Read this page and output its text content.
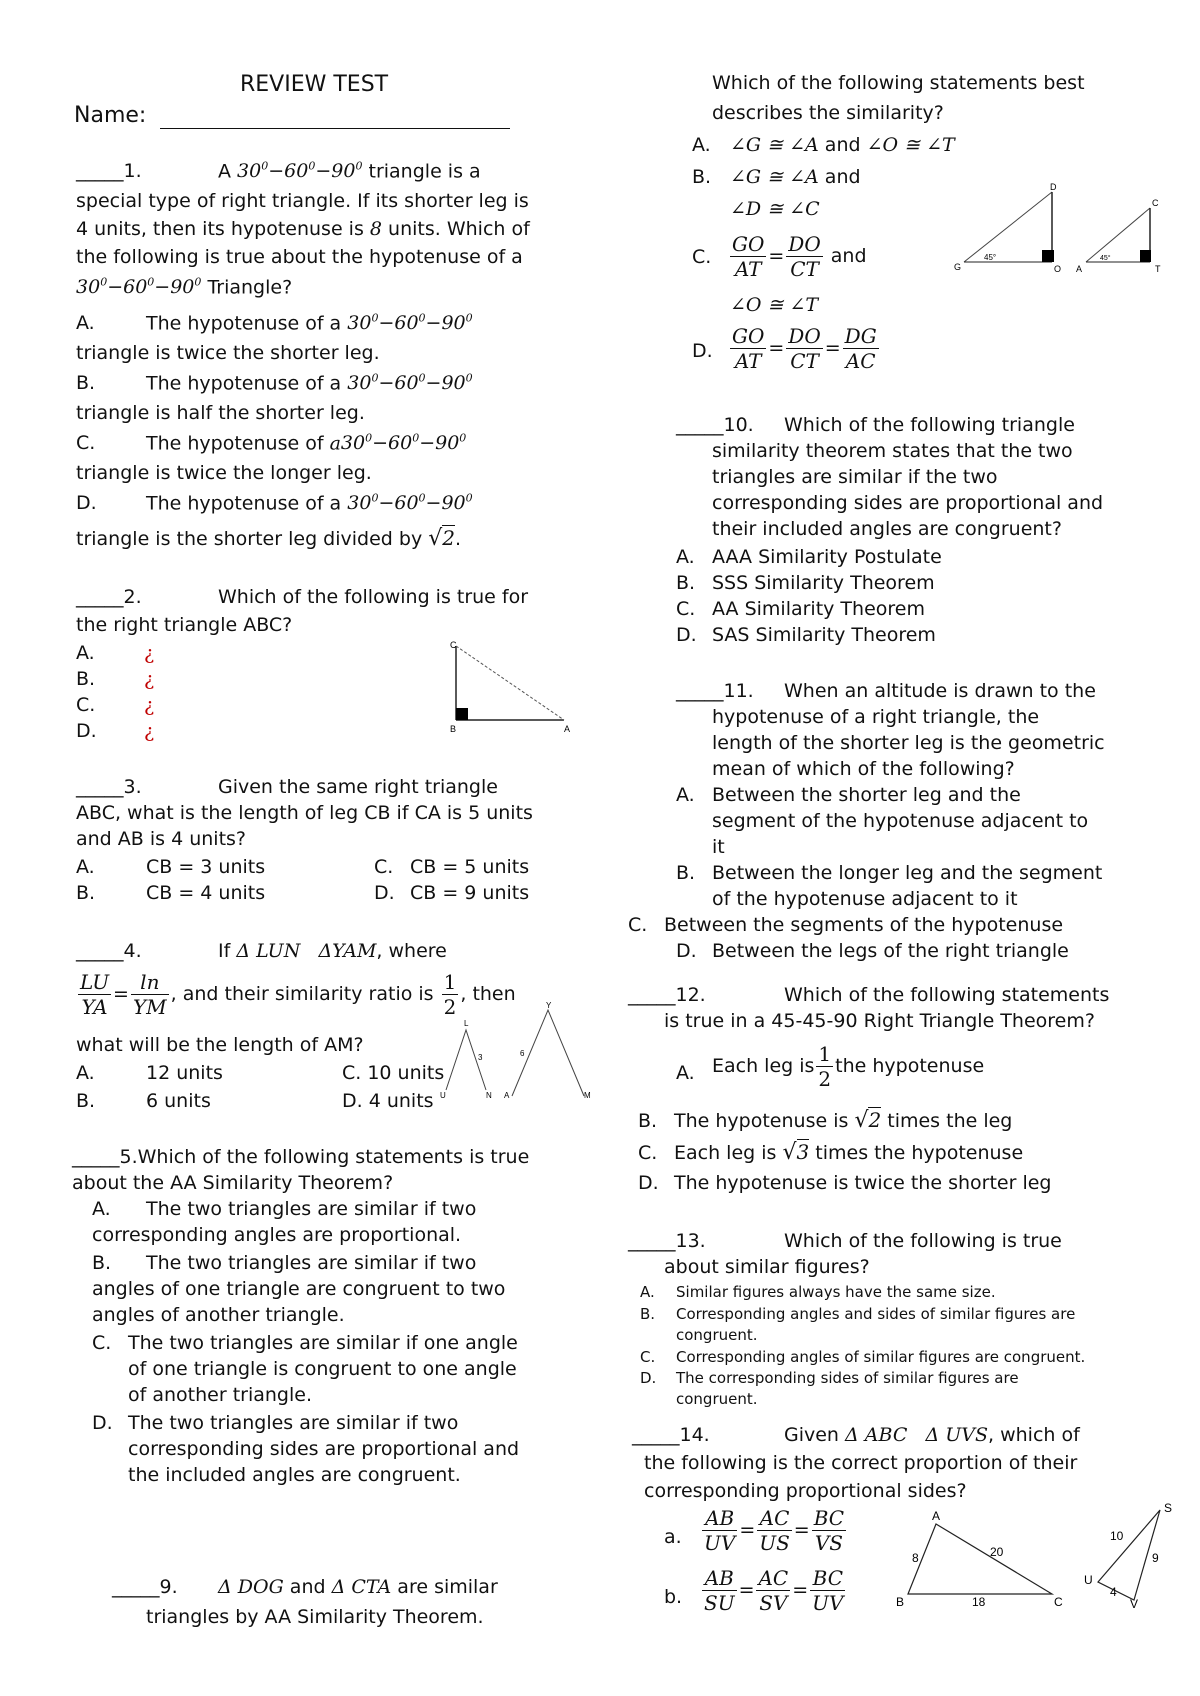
REVIEW TEST
Name:
_____1.	A $30^0-60^0-90^0$ triangle is a
special type of right triangle. If its shorter leg is
4 units, then its hypotenuse is 8 units. Which of
the following is true about the hypotenuse of a
$30^0-60^0-90^0$ Triangle?
A.	The hypotenuse of a $30^0-60^0-90^0$
triangle is twice the shorter leg.
B.	The hypotenuse of a $30^0-60^0-90^0$
triangle is half the shorter leg.
C.	The hypotenuse of $a30^0-60^0-90^0$
triangle is twice the longer leg.
D.	The hypotenuse of a $30^0-60^0-90^0$
triangle is the shorter leg divided by √2.
_____2.	Which of the following is true for
the right triangle ABC?
A.	¿
B.	¿
C.	¿
D. ¿
C
B	A
_____3.	Given the same right triangle
ABC, what is the length of leg CB if CA is 5 units
and AB is 4 units?
A.	CB = 3 units	C. CB = 5 units
B.	CB = 4 units	D. CB = 9 units
_____4.	If Δ LUN ΔYAM, where
$\frac{LU}{YA} = \frac{\ln}{YM}$ , and their similarity ratio is $\frac{1}{2}$ , then
what will be the length of AM?
A.	12 units	C. 10 units
B.	6 units	D. 4 units
L
U	N
3
Y
A	M
6
_____5.Which of the following statements is true
about the AA Similarity Theorem?
A. The two triangles are similar if two
corresponding angles are proportional.
B. The two triangles are similar if two
angles of one triangle are congruent to two
angles of another triangle.
C. The two triangles are similar if one angle
of one triangle is congruent to one angle
of another triangle.
D. The two triangles are similar if two
corresponding sides are proportional and
the included angles are congruent.
_____9. Δ DOG and Δ CTA are similar
triangles by AA Similarity Theorem.
Which of the following statements best
describes the similarity?
A. ∠G ≅ ∠A and ∠O ≅ ∠T
B. ∠G ≅ ∠A and
∠D ≅ ∠C
C. $\frac{GO}{AT} = \frac{DO}{CT}$ and
∠O ≅ ∠T
D. $\frac{GO}{AT} = \frac{DO}{CT} = \frac{DG}{AC}$
D
G	O
45°
C
A	T
45°
_____10. Which of the following triangle
similarity theorem states that the two
triangles are similar if the two
corresponding sides are proportional and
their included angles are congruent?
A. AAA Similarity Postulate
B. SSS Similarity Theorem
C. AA Similarity Theorem
D. SAS Similarity Theorem
_____11. When an altitude is drawn to the
hypotenuse of a right triangle, the
length of the shorter leg is the geometric
mean of which of the following?
A. Between the shorter leg and the
segment of the hypotenuse adjacent to
it
B. Between the longer leg and the segment
of the hypotenuse adjacent to it
C. Between the segments of the hypotenuse
D. Between the legs of the right triangle
_____12.	Which of the following statements
is true in a 45-45-90 Right Triangle Theorem?
A. Each leg is $\frac{1}{2}$ the hypotenuse
B. The hypotenuse is √2 times the leg
C. Each leg is √3 times the hypotenuse
D. The hypotenuse is twice the shorter leg
_____13.	Which of the following is true
about similar figures?
A. Similar figures always have the same size.
B. Corresponding angles and sides of similar figures are
congruent.
C. Corresponding angles of similar figures are congruent.
D. The corresponding sides of similar figures are
congruent.
_____14.	Given Δ ABC Δ UVS, which of
the following is the correct proportion of their
corresponding proportional sides?
a. $\frac{AB}{UV} = \frac{AC}{US} = \frac{BC}{VS}$
b. $\frac{AB}{SU} = \frac{AC}{SV} = \frac{BC}{UV}$
A
B	C
8	20
18
S
U
V
10
9
4
